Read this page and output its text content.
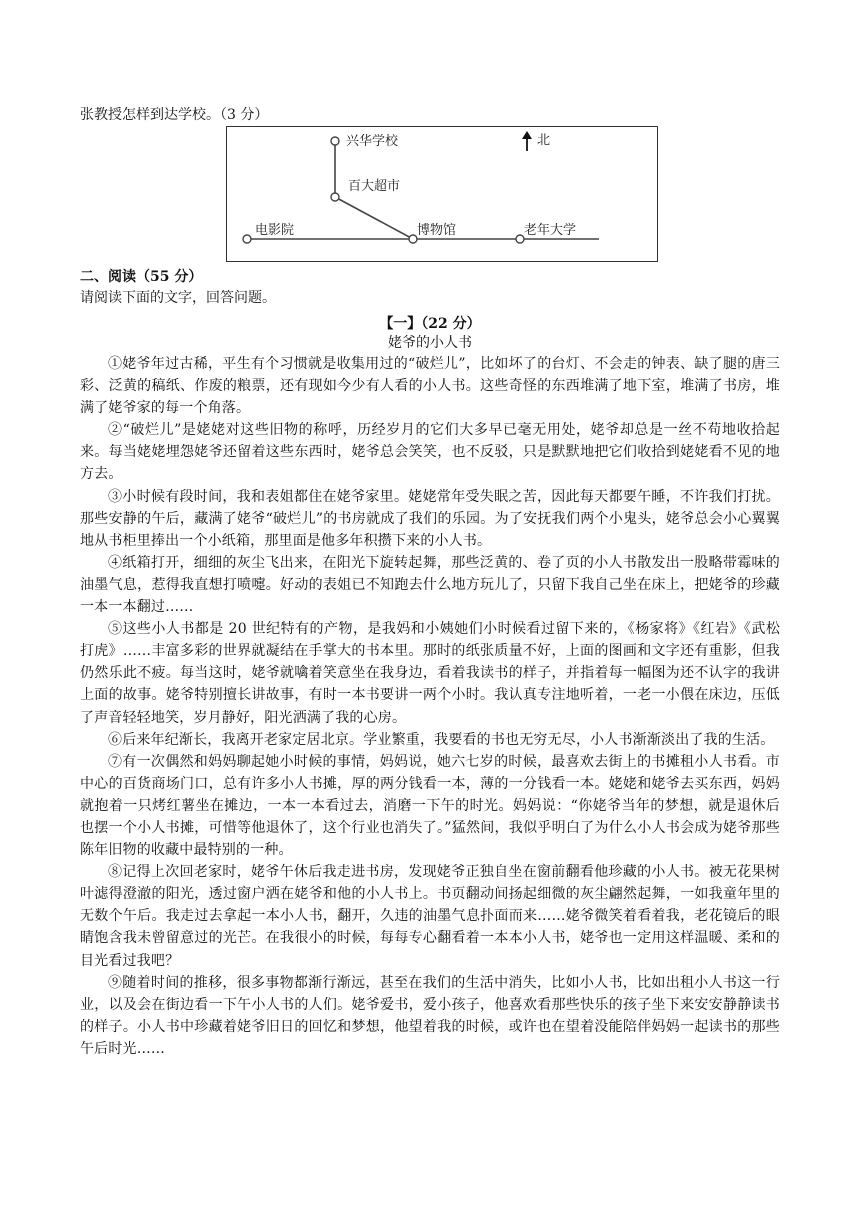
张教授怎样到达学校。（3 分）
兴华学校
百大超市
电影院	博物馆	老年大学
北
二、阅读（55 分）
请阅读下面的文字，回答问题。
【一】（22 分）
姥爷的小人书

①姥爷年过古稀，平生有个习惯就是收集用过的“破烂儿”，比如坏了的台灯、不会走的钟表、缺了腿的唐三彩、泛黄的稿纸、作废的粮票，还有现如今少有人看的小人书。这些奇怪的东西堆满了地下室，堆满了书房，堆满了姥爷家的每一个角落。

②“破烂儿”是姥姥对这些旧物的称呼，历经岁月的它们大多早已毫无用处，姥爷却总是一丝不苟地收拾起来。每当姥姥埋怨姥爷还留着这些东西时，姥爷总会笑笑，也不反驳，只是默默地把它们收拾到姥姥看不见的地方去。

③小时候有段时间，我和表姐都住在姥爷家里。姥姥常年受失眠之苦，因此每天都要午睡，不许我们打扰。那些安静的午后，藏满了姥爷“破烂儿”的书房就成了我们的乐园。为了安抚我们两个小鬼头，姥爷总会小心翼翼地从书柜里捧出一个小纸箱，那里面是他多年积攒下来的小人书。

④纸箱打开，细细的灰尘飞出来，在阳光下旋转起舞，那些泛黄的、卷了页的小人书散发出一股略带霉味的油墨气息，惹得我直想打喷嚏。好动的表姐已不知跑去什么地方玩儿了，只留下我自己坐在床上，把姥爷的珍藏一本一本翻过……

⑤这些小人书都是 20 世纪特有的产物，是我妈和小姨她们小时候看过留下来的，《杨家将》《红岩》《武松打虎》……丰富多彩的世界就凝结在手掌大的书本里。那时的纸张质量不好，上面的图画和文字还有重影，但我仍然乐此不疲。每当这时，姥爷就噙着笑意坐在我身边，看着我读书的样子，并指着每一幅图为还不认字的我讲上面的故事。姥爷特别擅长讲故事，有时一本书要讲一两个小时。我认真专注地听着，一老一小偎在床边，压低了声音轻轻地笑，岁月静好，阳光洒满了我的心房。

⑥后来年纪渐长，我离开老家定居北京。学业繁重，我要看的书也无穷无尽，小人书渐渐淡出了我的生活。

⑦有一次偶然和妈妈聊起她小时候的事情，妈妈说，她六七岁的时候，最喜欢去街上的书摊租小人书看。市中心的百货商场门口，总有许多小人书摊，厚的两分钱看一本，薄的一分钱看一本。姥姥和姥爷去买东西，妈妈就抱着一只烤红薯坐在摊边，一本一本看过去，消磨一下午的时光。妈妈说：“你姥爷当年的梦想，就是退休后也摆一个小人书摊，可惜等他退休了，这个行业也消失了。”猛然间，我似乎明白了为什么小人书会成为姥爷那些陈年旧物的收藏中最特别的一种。

⑧记得上次回老家时，姥爷午休后我走进书房，发现姥爷正独自坐在窗前翻看他珍藏的小人书。被无花果树叶滤得澄澈的阳光，透过窗户洒在姥爷和他的小人书上。书页翻动间扬起细微的灰尘翩然起舞，一如我童年里的无数个午后。我走过去拿起一本小人书，翻开，久违的油墨气息扑面而来……姥爷微笑着看着我，老花镜后的眼睛饱含我未曾留意过的光芒。在我很小的时候，每每专心翻看着一本本小人书，姥爷也一定用这样温暖、柔和的目光看过我吧？

⑨随着时间的推移，很多事物都渐行渐远，甚至在我们的生活中消失，比如小人书，比如出租小人书这一行业，以及会在街边看一下午小人书的人们。姥爷爱书，爱小孩子，他喜欢看那些快乐的孩子坐下来安安静静读书的样子。小人书中珍藏着姥爷旧日的回忆和梦想，他望着我的时候，或许也在望着没能陪伴妈妈一起读书的那些午后时光……
